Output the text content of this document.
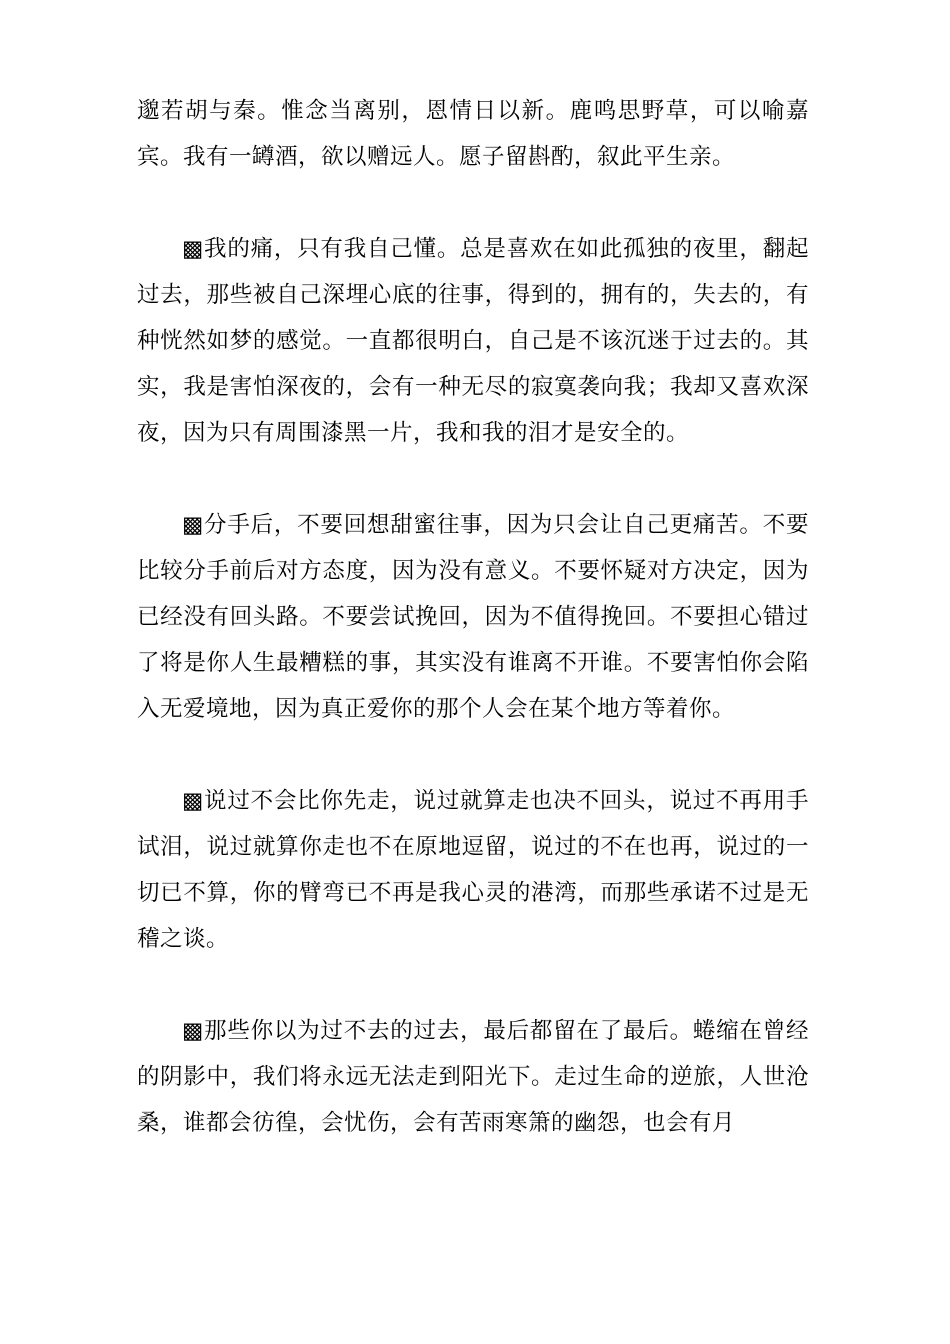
邈若胡与秦。惟念当离别，恩情日以新。鹿鸣思野草，可以喻嘉宾。我有一罇酒，欲以赠远人。愿子留斟酌，叙此平生亲。

▩我的痛，只有我自己懂。总是喜欢在如此孤独的夜里，翻起过去，那些被自己深埋心底的往事，得到的，拥有的，失去的，有种恍然如梦的感觉。一直都很明白，自己是不该沉迷于过去的。其实，我是害怕深夜的，会有一种无尽的寂寞袭向我；我却又喜欢深夜，因为只有周围漆黑一片，我和我的泪才是安全的。

▩分手后，不要回想甜蜜往事，因为只会让自己更痛苦。不要比较分手前后对方态度，因为没有意义。不要怀疑对方决定，因为已经没有回头路。不要尝试挽回，因为不值得挽回。不要担心错过了将是你人生最糟糕的事，其实没有谁离不开谁。不要害怕你会陷入无爱境地，因为真正爱你的那个人会在某个地方等着你。

▩说过不会比你先走，说过就算走也决不回头，说过不再用手试泪，说过就算你走也不在原地逗留，说过的不在也再，说过的一切已不算，你的臂弯已不再是我心灵的港湾，而那些承诺不过是无稽之谈。

▩那些你以为过不去的过去，最后都留在了最后。蜷缩在曾经的阴影中，我们将永远无法走到阳光下。走过生命的逆旅，人世沧桑，谁都会彷徨，会忧伤，会有苦雨寒箫的幽怨，也会有月
